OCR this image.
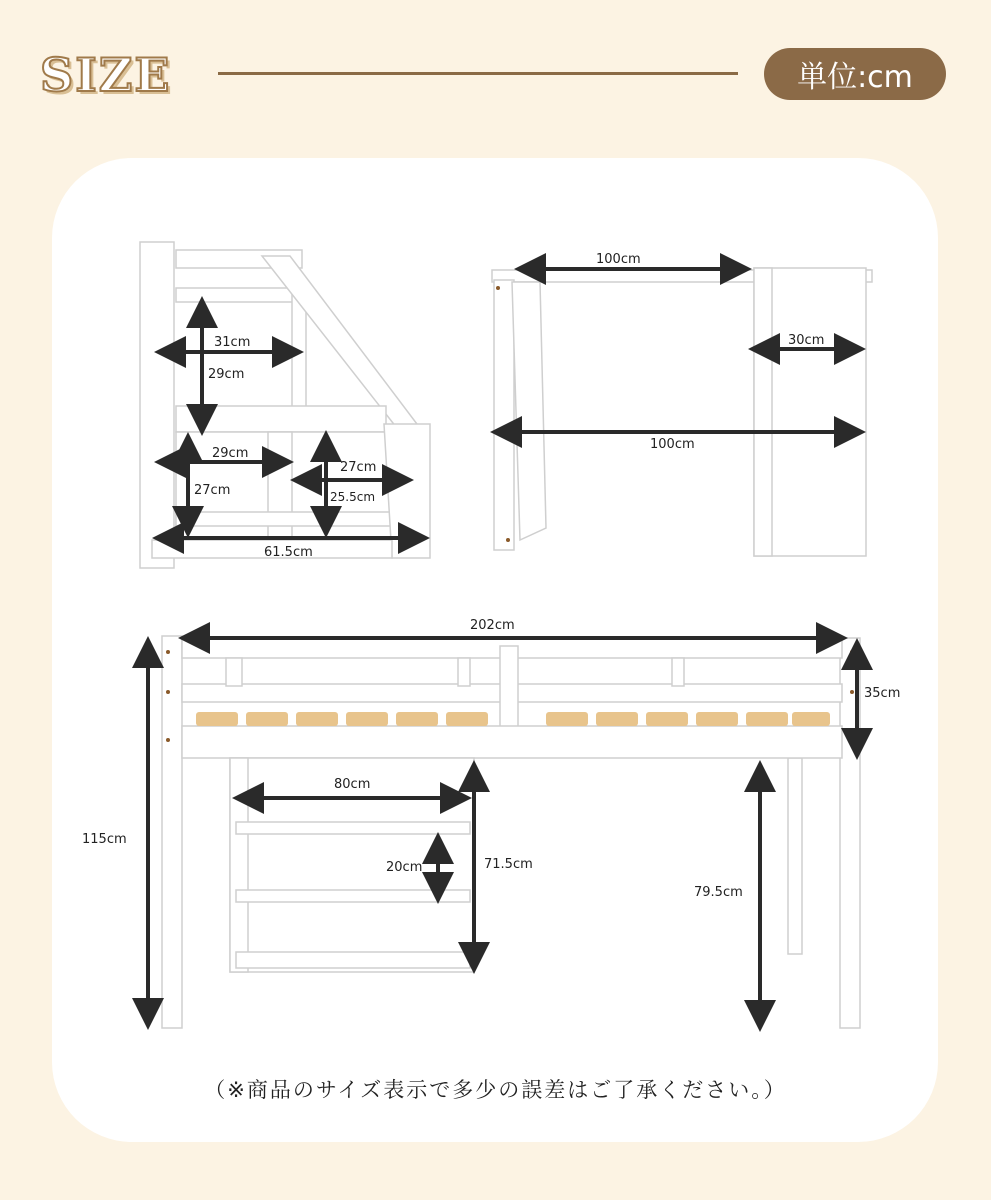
SIZE	単位:cm
31cm
29cm
29cm
27cm
27cm
25.5cm
61.5cm
100cm
30cm
100cm
202cm
35cm
115cm
80cm
20cm	71.5cm
79.5cm
（※商品のサイズ表示で多少の誤差はご了承ください。）
